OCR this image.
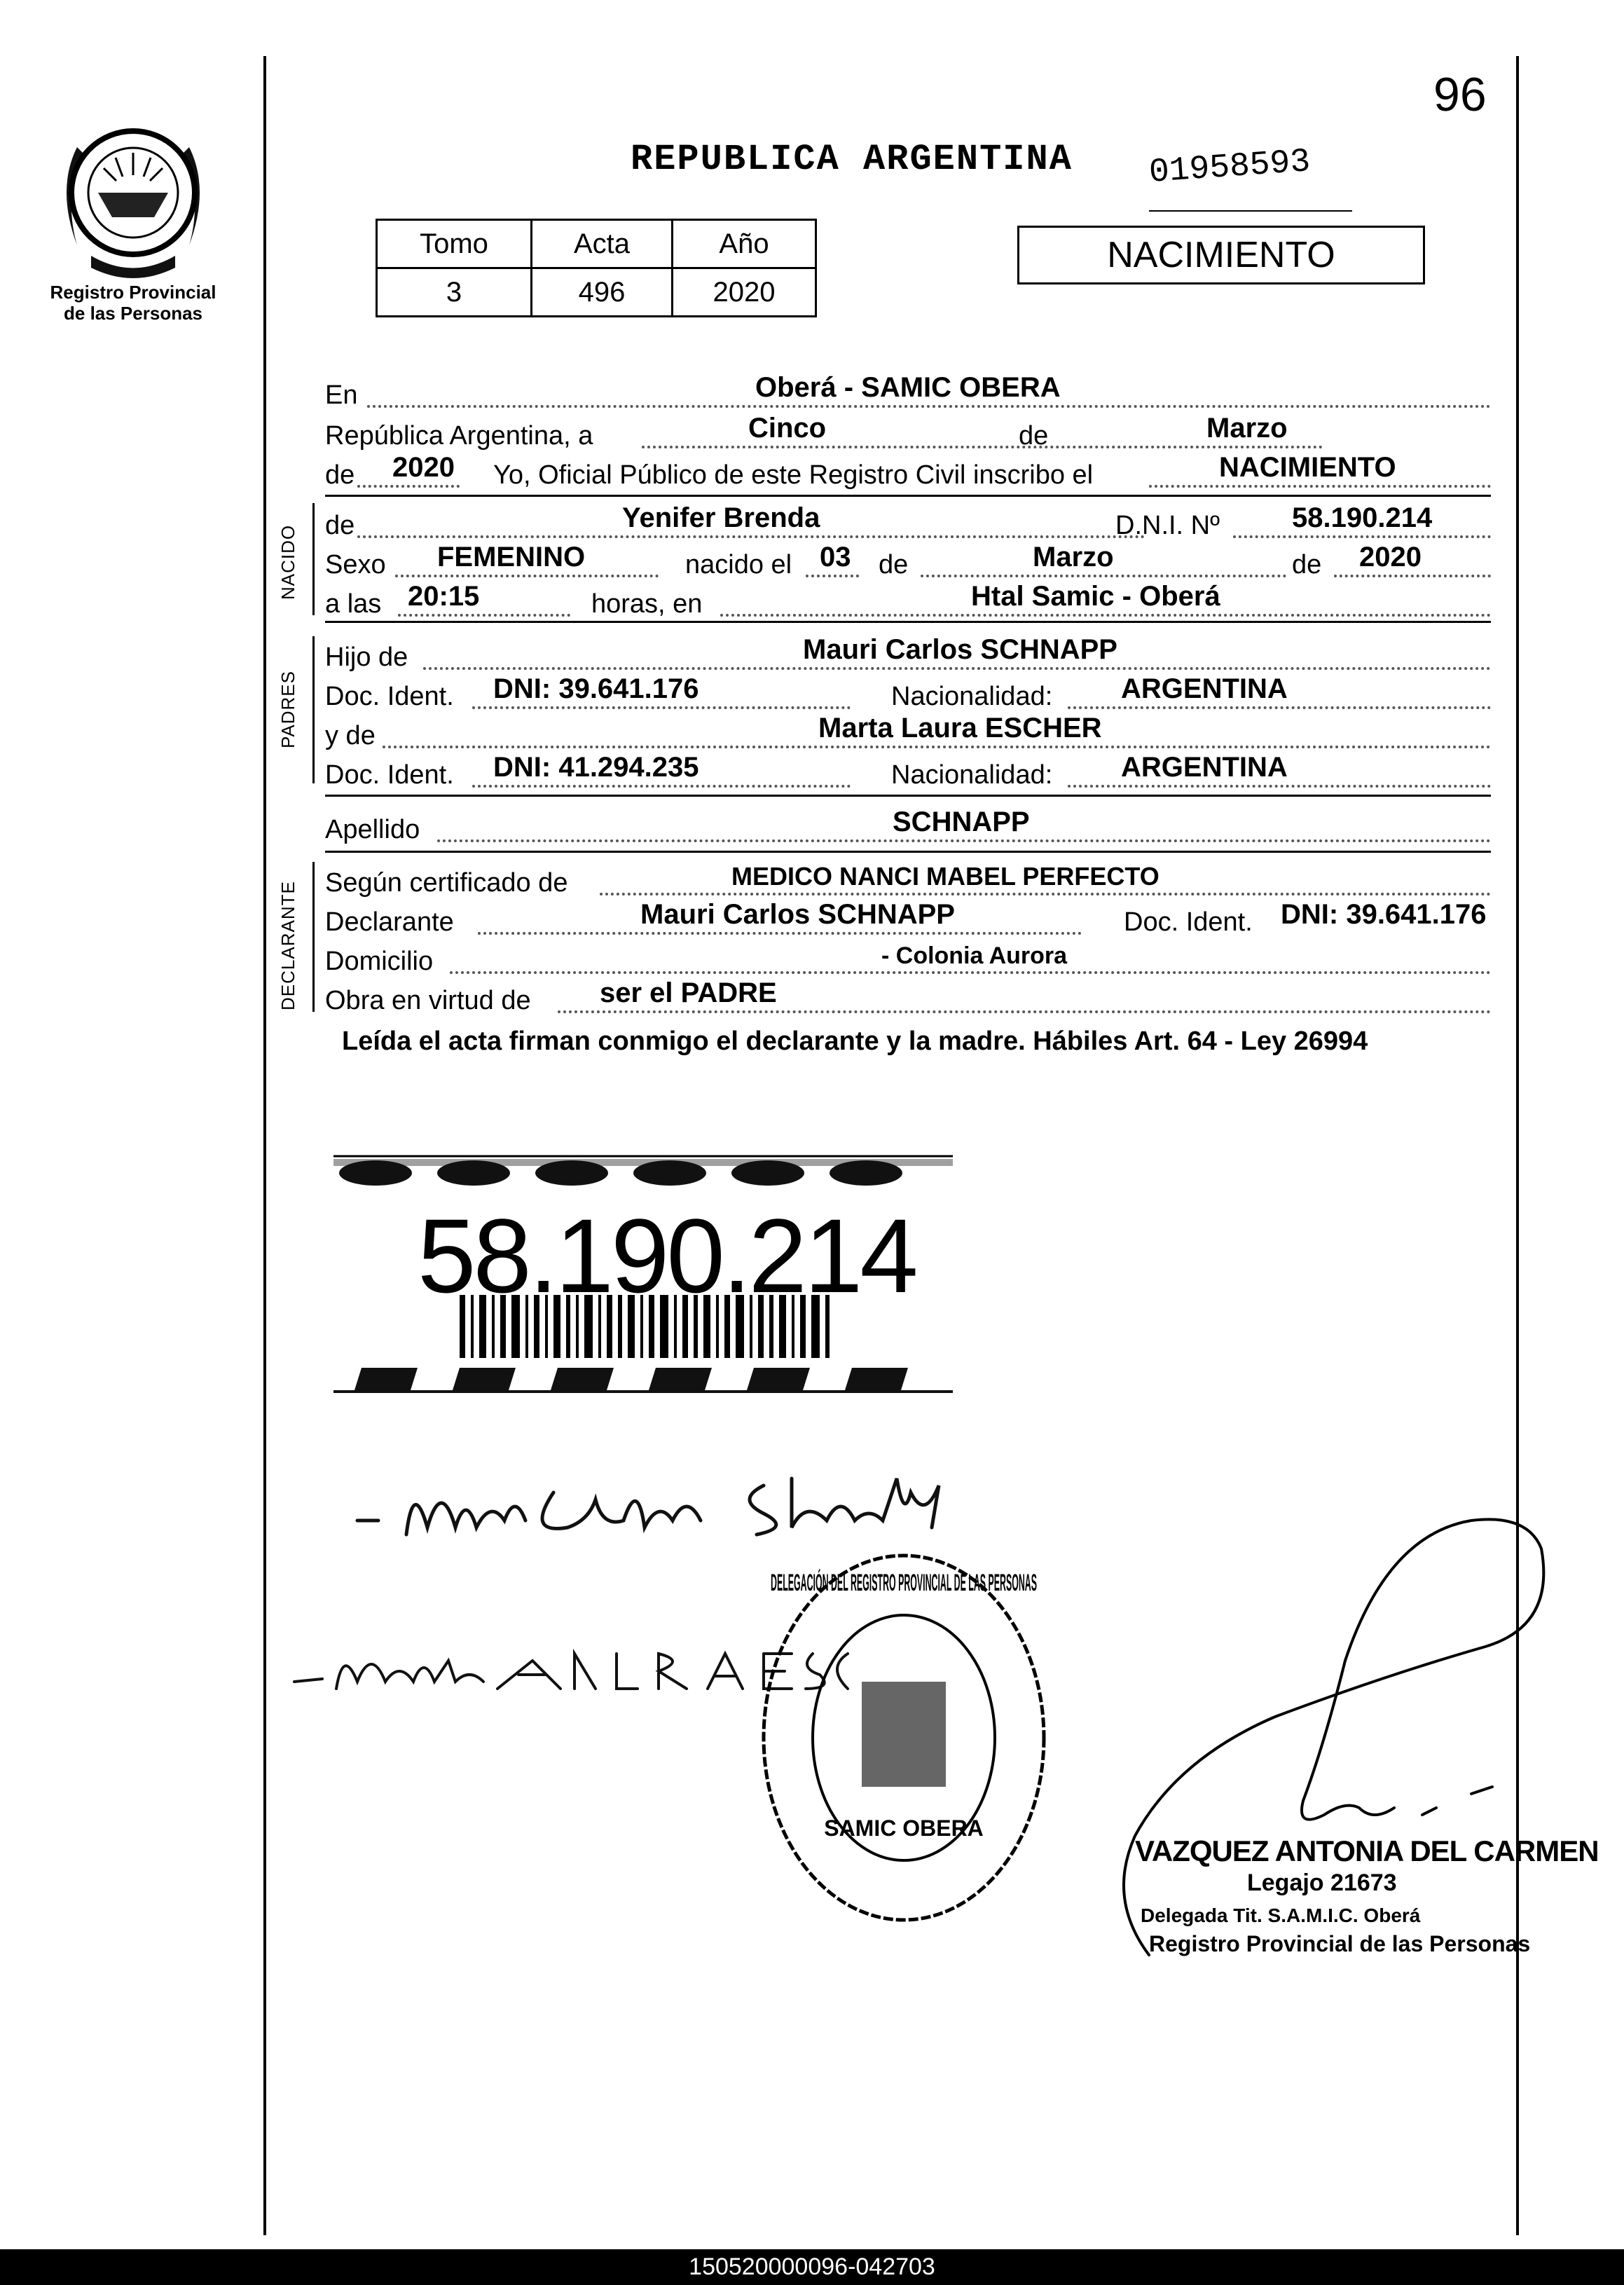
96
Registro Provincial
de las Personas
REPUBLICA ARGENTINA 01958593
Tomo	Acta	Año
3	496	2020
NACIMIENTO
NACIDO
PADRES
DECLARANTE
En	Oberá - SAMIC OBERA
República Argentina, a	Cinco	de	Marzo
de 2020 Yo, Oficial Público de este Registro Civil inscribo el	NACIMIENTO
de	Yenifer Brenda	D.N.I. Nº	58.190.214
Sexo FEMENINO	nacido el 03 de	Marzo	de 2020
a las 20:15	horas, en	Htal Samic - Oberá
Hijo de	Mauri Carlos SCHNAPP
Doc. Ident. DNI: 39.641.176	Nacionalidad: ARGENTINA
y de	Marta Laura ESCHER
Doc. Ident. DNI: 41.294.235	Nacionalidad: ARGENTINA
Apellido	SCHNAPP
Según certificado de	MEDICO NANCI MABEL PERFECTO
Declarante	Mauri Carlos SCHNAPP	Doc. Ident. DNI: 39.641.176
Domicilio	- Colonia Aurora
Obra en virtud de ser el PADRE
Leída el acta firman conmigo el declarante y la madre. Hábiles Art. 64 - Ley 26994
58.190.214
DELEGACIÓN DEL REGISTRO PROVINCIAL DE LAS PERSONAS
SAMIC OBERA
VAZQUEZ ANTONIA DEL CARMEN
Legajo 21673
Delegada Tit. S.A.M.I.C. Oberá
Registro Provincial de las Personas
150520000096-042703
